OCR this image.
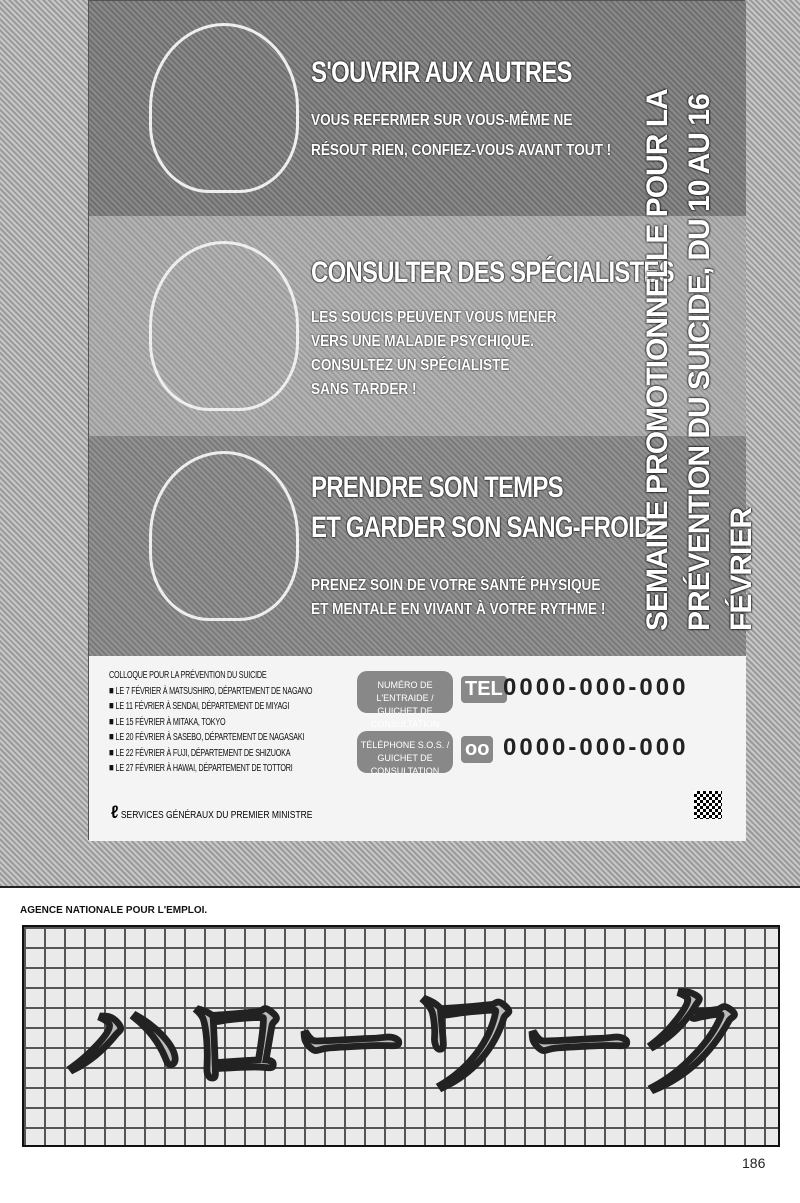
S'OUVRIR AUX AUTRES
VOUS REFERMER SUR VOUS-MÊME NE
RÉSOUT RIEN, CONFIEZ-VOUS AVANT TOUT !
CONSULTER DES SPÉCIALISTES
LES SOUCIS PEUVENT VOUS MENER
VERS UNE MALADIE PSYCHIQUE.
CONSULTEZ UN SPÉCIALISTE
SANS TARDER !
PRENDRE SON TEMPS
ET GARDER SON SANG-FROID
PRENEZ SOIN DE VOTRE SANTÉ PHYSIQUE
ET MENTALE EN VIVANT À VOTRE RYTHME ! SEMAINE PROMOTIONNELLE POUR LA PRÉVENTION DU SUICIDE, DU 10 AU 16 FÉVRIER
COLLOQUE POUR LA PRÉVENTION DU SUICIDE
■ LE 7 FÉVRIER À MATSUSHIRO, DÉPARTEMENT DE NAGANO
■ LE 11 FÉVRIER À SENDAI, DÉPARTEMENT DE MIYAGI
■ LE 15 FÉVRIER À MITAKA, TOKYO
■ LE 20 FÉVRIER À SASEBO, DÉPARTEMENT DE NAGASAKI
■ LE 22 FÉVRIER À FUJI, DÉPARTEMENT DE SHIZUOKA
■ LE 27 FÉVRIER À HAWAI, DÉPARTEMENT DE TOTTORI
ℓ SERVICES GÉNÉRAUX DU PREMIER MINISTRE
NUMÉRO DE L'ENTRAIDE / GUICHET DE CONSULTATION
TÉLÉPHONE S.O.S. / GUICHET DE CONSULTATION
TEL
oo
0000-000-000
0000-000-000
AGENCE NATIONALE POUR L'EMPLOI.
ハローワーク
186
